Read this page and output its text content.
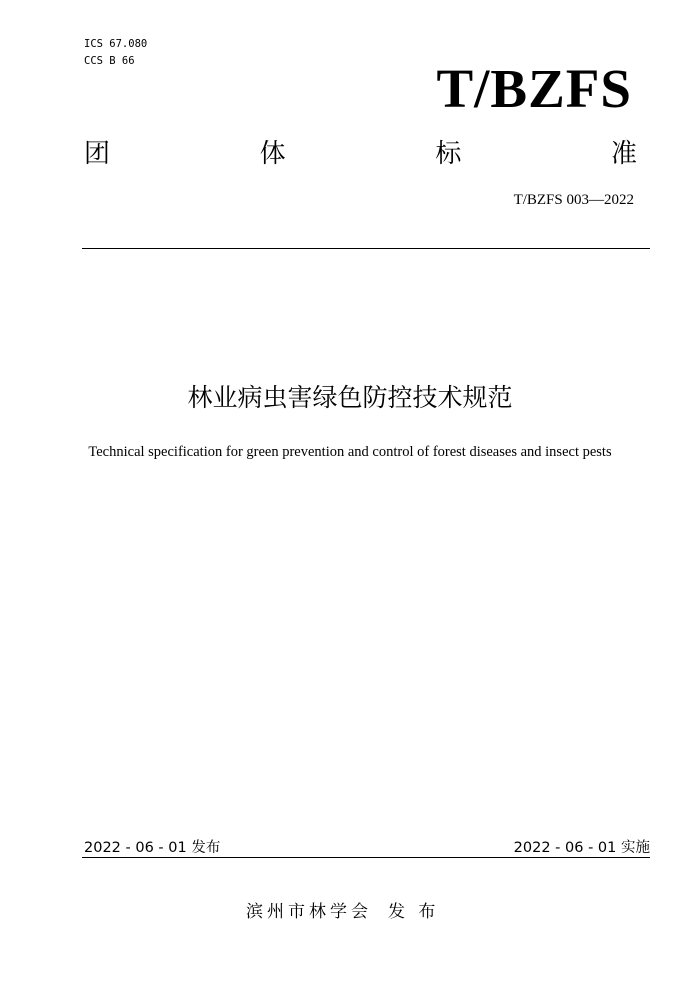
ICS 67.080
CCS B 66	T/BZFS
团	体	标	准
T/BZFS 003—2022
林业病虫害绿色防控技术规范
Technical specification for green prevention and control of forest diseases and insect pests
2022 - 06 - 01 发布	2022 - 06 - 01 实施
滨州市林学会 发 布
